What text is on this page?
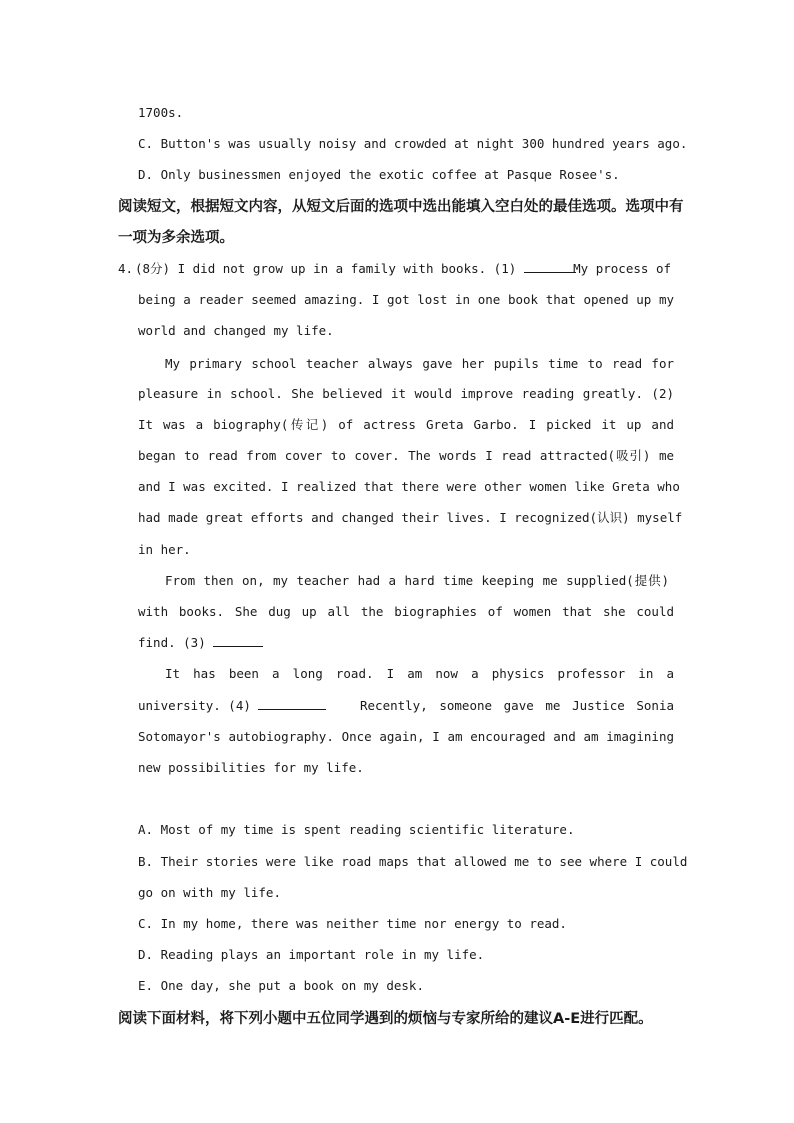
1700s.
C. Button's was usually noisy and crowded at night 300 hundred years ago.
D. Only businessmen enjoyed the exotic coffee at Pasque Rosee's.
阅读短文，根据短文内容，从短文后面的选项中选出能填入空白处的最佳选项。选项中有
一项为多余选项。
4. (8分) I did not grow up in a family with books. (1)	My process of
being a reader seemed amazing. I got lost in one book that opened up my
world and changed my life.
My primary school teacher always gave her pupils time to read for
pleasure in school. She believed it would improve reading greatly. (2)
It was a biography(传记) of actress Greta Garbo. I picked it up and
began to read from cover to cover. The words I read attracted(吸引) me
and I was excited. I realized that there were other women like Greta who
had made great efforts and changed their lives. I recognized(认识) myself
in her.
From then on, my teacher had a hard time keeping me supplied(提供)
with books. She dug up all the biographies of women that she could
find. (3)
It has been a long road. I am now a physics professor in a
university. (4)	Recently, someone gave me Justice Sonia
Sotomayor's autobiography. Once again, I am encouraged and am imagining
new possibilities for my life.
A. Most of my time is spent reading scientific literature.
B. Their stories were like road maps that allowed me to see where I could
go on with my life.
C. In my home, there was neither time nor energy to read.
D. Reading plays an important role in my life.
E. One day, she put a book on my desk.
阅读下面材料，将下列小题中五位同学遇到的烦恼与专家所给的建议A-E进行匹配。
